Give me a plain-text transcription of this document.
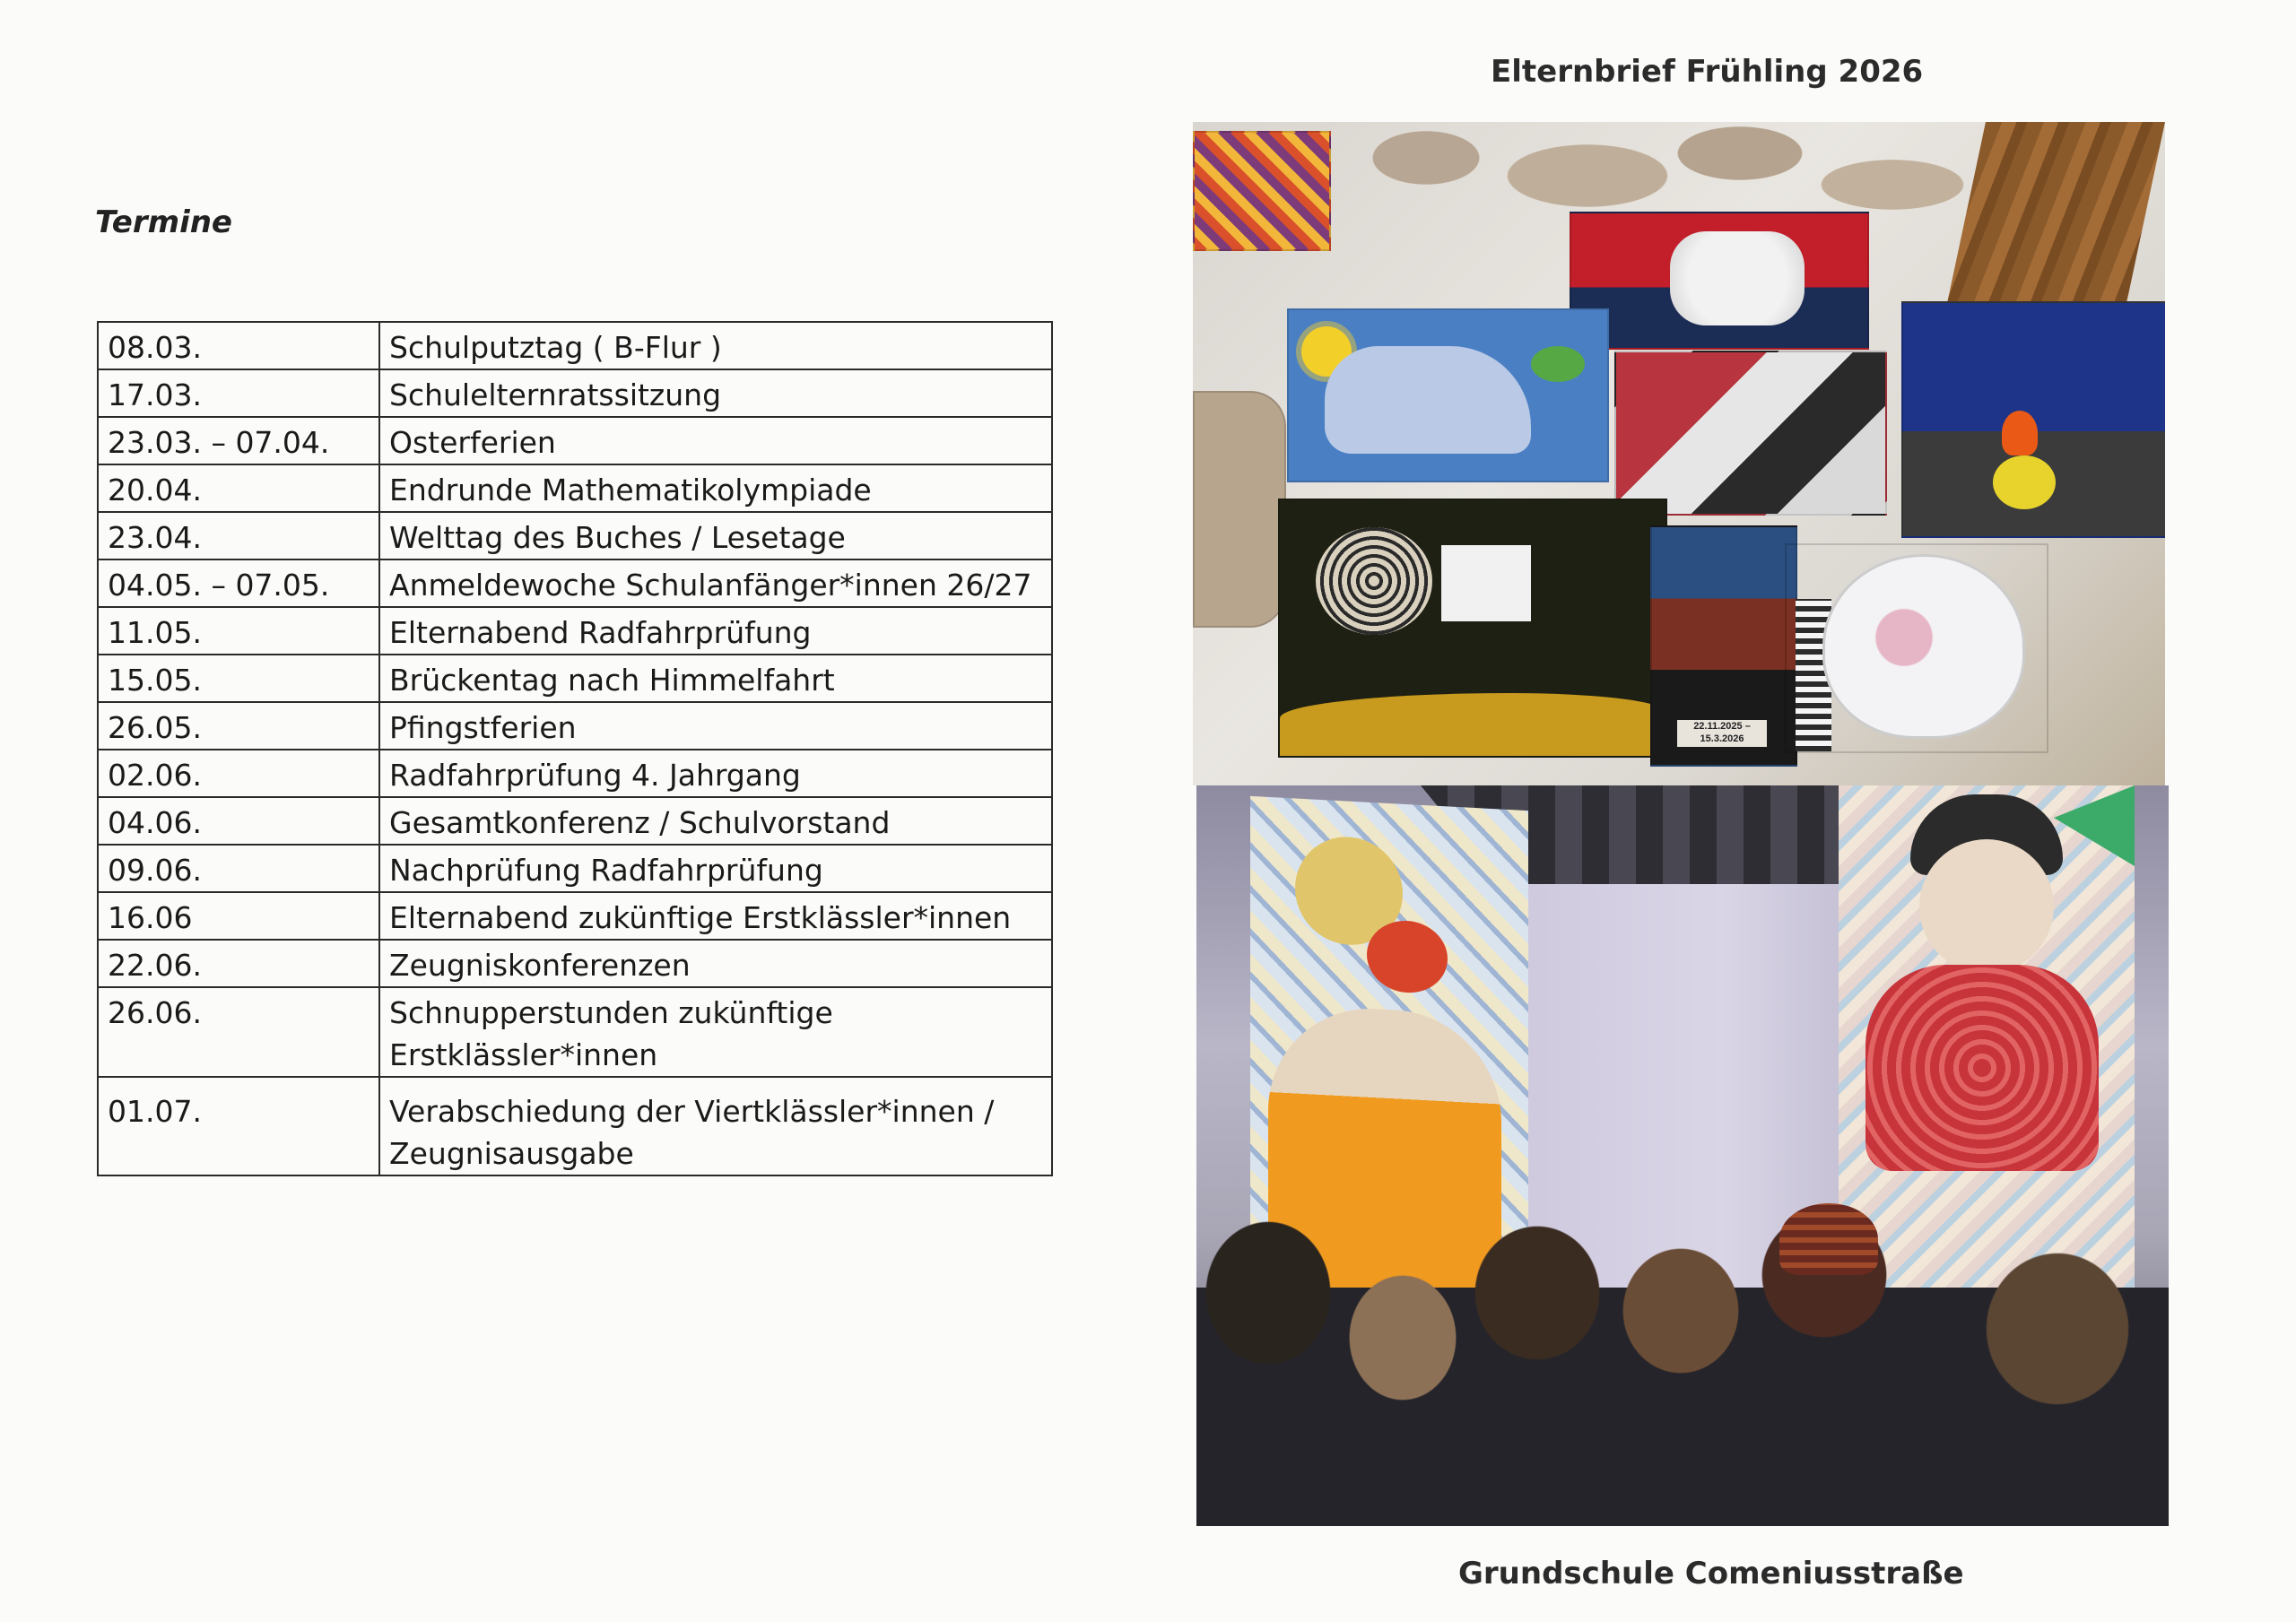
Elternbrief Frühling 2026
Termine
08.03.	Schulputztag ( B-Flur )
17.03.	Schulelternratssitzung
23.03. – 07.04.	Osterferien
20.04.	Endrunde Mathematikolympiade
23.04.	Welttag des Buches / Lesetage
04.05. – 07.05.	Anmeldewoche Schulanfänger*innen 26/27
11.05.	Elternabend Radfahrprüfung
15.05.	Brückentag nach Himmelfahrt
26.05.	Pfingstferien
02.06.	Radfahrprüfung 4. Jahrgang
04.06.	Gesamtkonferenz / Schulvorstand
09.06.	Nachprüfung Radfahrprüfung
16.06	Elternabend zukünftige Erstklässler*innen
22.06.	Zeugniskonferenzen
26.06.	Schnupperstunden zukünftige
Erstklässler*innen

01.07.	Verabschiedung der Viertklässler*innen /
Zeugnisausgabe
22.11.2025 –15.3.2026
Grundschule Comeniusstraße
